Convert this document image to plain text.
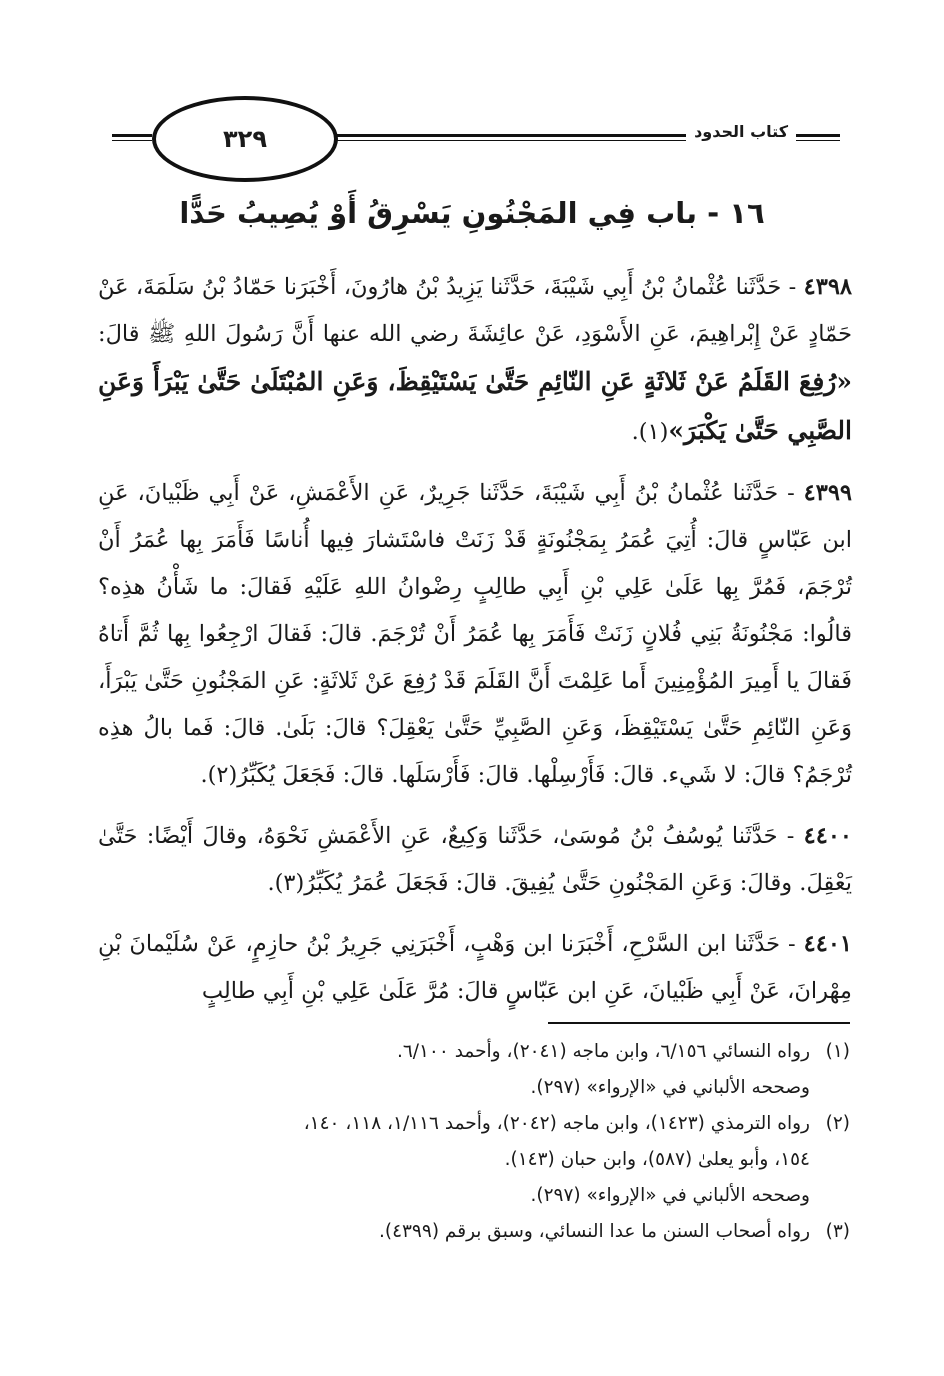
٣٢٩	كتاب الحدود
١٦ - باب فِي المَجْنُونِ يَسْرِقُ أَوْ يُصِيبُ حَدًّا

٤٣٩٨ - حَدَّثَنا عُثْمانُ بْنُ أَبِي شَيْبَةَ، حَدَّثَنا يَزِيدُ بْنُ هارُونَ، أَخْبَرَنا حَمّادُ بْنُ سَلَمَةَ، عَنْ حَمّادٍ عَنْ إِبْراهِيمَ، عَنِ الأَسْوَدِ، عَنْ عائِشَةَ رضي الله عنها أَنَّ رَسُولَ اللهِ ﷺ قالَ: «رُفِعَ القَلَمُ عَنْ ثَلاثَةٍ عَنِ النّائِمِ حَتَّىٰ يَسْتَيْقِظَ، وَعَنِ المُبْتَلَىٰ حَتَّىٰ يَبْرَأَ وَعَنِ الصَّبِي حَتَّىٰ يَكْبَرَ»(١).

٤٣٩٩ - حَدَّثَنا عُثْمانُ بْنُ أَبِي شَيْبَةَ، حَدَّثَنا جَرِيرٌ، عَنِ الأَعْمَشِ، عَنْ أَبِي ظَبْيانَ، عَنِ ابن عَبّاسٍ قالَ: أُتِيَ عُمَرُ بِمَجْنُونَةٍ قَدْ زَنَتْ فاسْتَشارَ فِيها أُناسًا فَأَمَرَ بِها عُمَرُ أَنْ تُرْجَمَ، فَمُرَّ بِها عَلَىٰ عَلِي بْنِ أَبِي طالِبٍ رِضْوانُ اللهِ عَلَيْهِ فَقالَ: ما شَأْنُ هذِه؟ قالُوا: مَجْنُونَةُ بَنِي فُلانٍ زَنَتْ فَأَمَرَ بِها عُمَرُ أَنْ تُرْجَمَ. قالَ: فَقالَ ارْجِعُوا بِها ثُمَّ أَتاهُ فَقالَ يا أَمِيرَ المُؤْمِنِينَ أَما عَلِمْتَ أَنَّ القَلَمَ قَدْ رُفِعَ عَنْ ثَلاثَةٍ: عَنِ المَجْنُونِ حَتَّىٰ يَبْرَأَ، وَعَنِ النّائِمِ حَتَّىٰ يَسْتَيْقِظَ، وَعَنِ الصَّبِيِّ حَتَّىٰ يَعْقِلَ؟ قالَ: بَلَىٰ. قالَ: فَما بالُ هذِه تُرْجَمُ؟ قالَ: لا شَيء. قالَ: فَأَرْسِلْها. قالَ: فَأَرْسَلَها. قالَ: فَجَعَلَ يُكَبِّرُ(٢).

٤٤٠٠ - حَدَّثَنا يُوسُفُ بْنُ مُوسَىٰ، حَدَّثَنا وَكِيعٌ، عَنِ الأَعْمَشِ نَحْوَهُ، وقالَ أَيْضًا: حَتَّىٰ يَعْقِلَ. وقالَ: وَعَنِ المَجْنُونِ حَتَّىٰ يُفِيقَ. قالَ: فَجَعَلَ عُمَرُ يُكَبِّرُ(٣).

٤٤٠١ - حَدَّثَنا ابن السَّرْحِ، أَخْبَرَنا ابن وَهْبٍ، أَخْبَرَنِي جَرِيرُ بْنُ حازِمٍ، عَنْ سُلَيْمانَ بْنِ مِهْرانَ، عَنْ أَبِي ظَبْيانَ، عَنِ ابن عَبّاسٍ قالَ: مُرَّ عَلَىٰ عَلِي بْنِ أَبِي طالِبٍ

(١)
رواه النسائي ٦/١٥٦، وابن ماجه (٢٠٤١)، وأحمد ٦/١٠٠.
وصححه الألباني في «الإرواء» (٢٩٧).
(٢)
رواه الترمذي (١٤٢٣)، وابن ماجه (٢٠٤٢)، وأحمد ١/١١٦، ١١٨، ١٤٠،
١٥٤، وأبو يعلىٰ (٥٨٧)، وابن حبان (١٤٣).
وصححه الألباني في «الإرواء» (٢٩٧).
(٣)
رواه أصحاب السنن ما عدا النسائي، وسبق برقم (٤٣٩٩).
